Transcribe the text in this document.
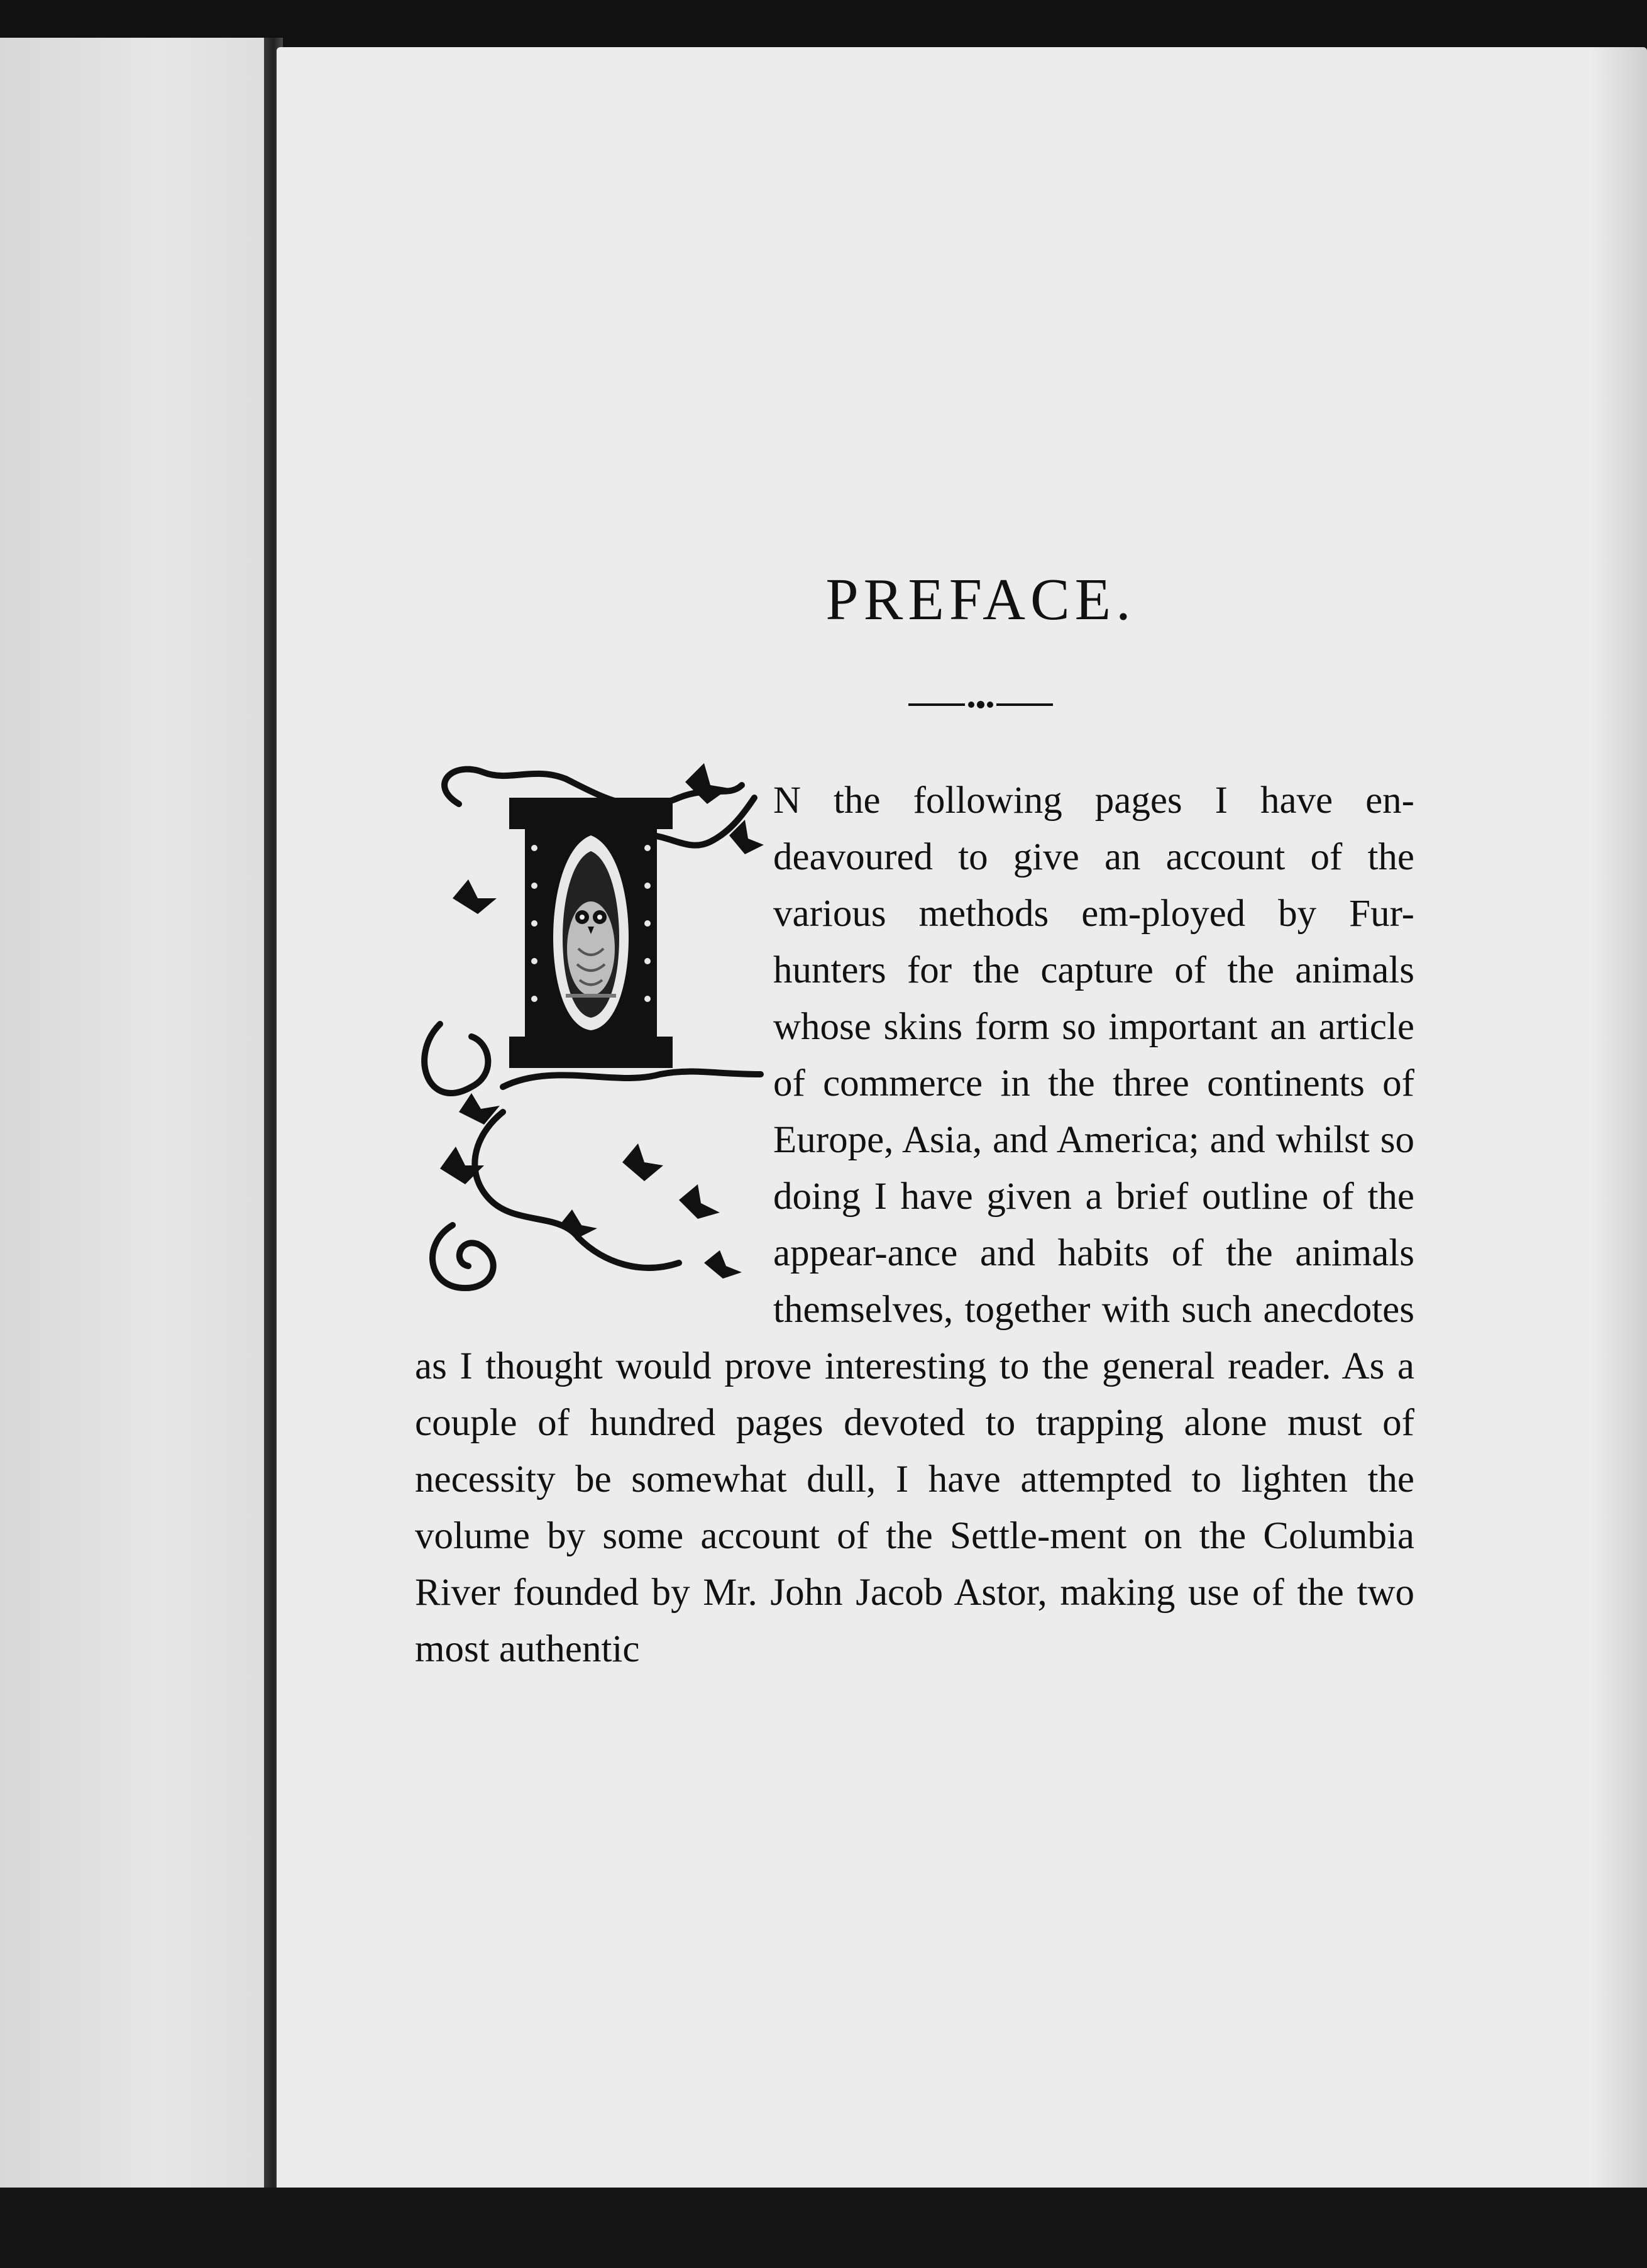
PREFACE.

N the following pages I have en-deavoured to give an account of the various methods em-ployed by Fur-hunters for the capture of the animals whose skins form so important an article of commerce in the three continents of Europe, Asia, and America; and whilst so doing I have given a brief outline of the appear-ance and habits of the animals themselves, together with such anecdotes as I thought would prove interesting to the general reader. As a couple of hundred pages devoted to trapping alone must of necessity be somewhat dull, I have attempted to lighten the volume by some account of the Settle-ment on the Columbia River founded by Mr. John Jacob Astor, making use of the two most authentic
